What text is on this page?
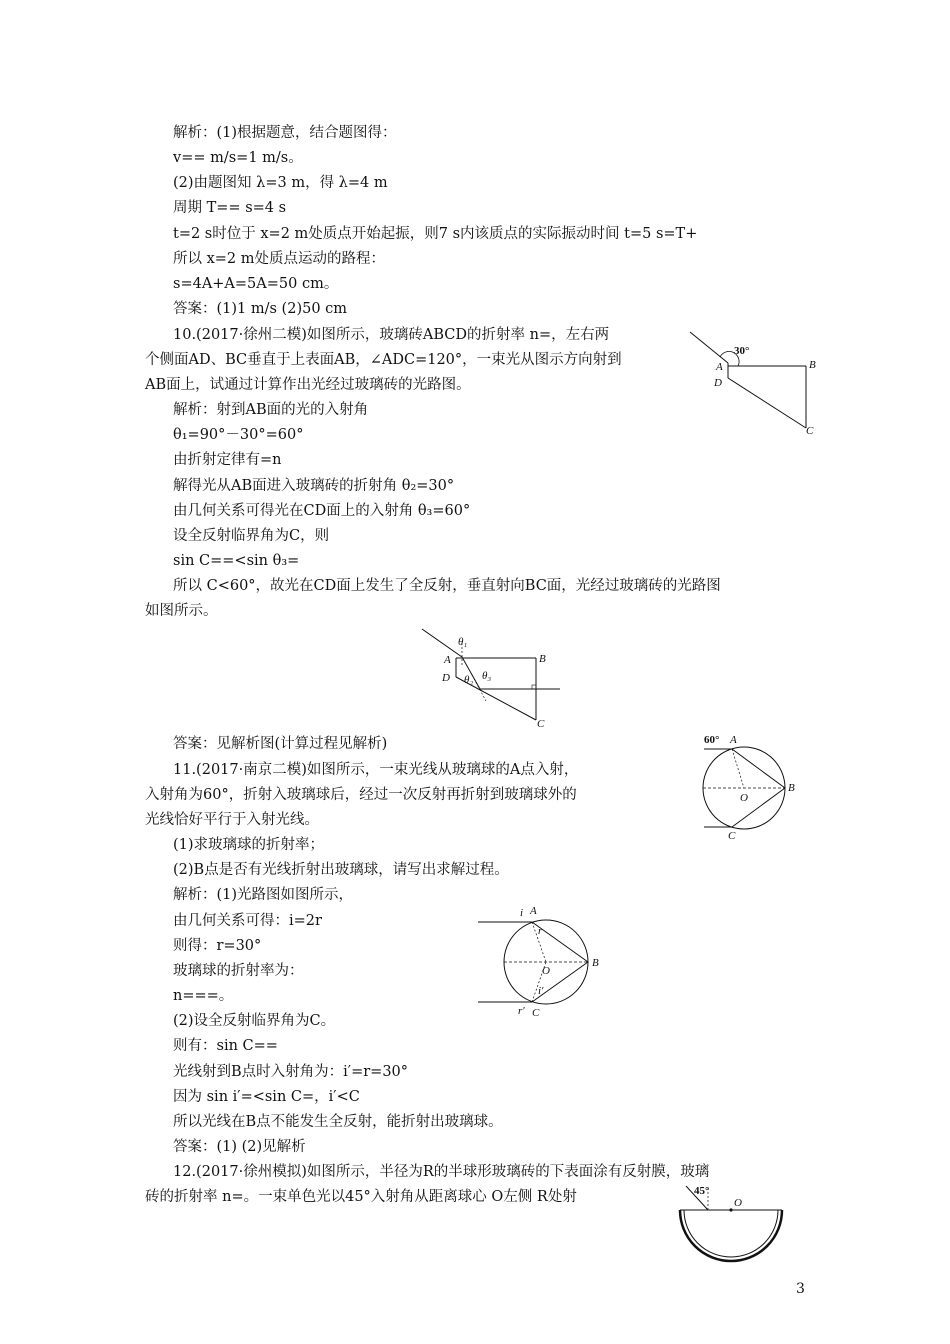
解析：(1)根据题意，结合题图得：
v== m/s=1 m/s。
(2)由题图知 λ=3 m，得 λ=4 m
周期 T== s=4 s
t=2 s时位于 x=2 m处质点开始起振，则7 s内该质点的实际振动时间 t=5 s=T+
所以 x=2 m处质点运动的路程：
s=4A+A=5A=50 cm。
答案：(1)1 m/s (2)50 cm
10.(2017·徐州二模)如图所示，玻璃砖ABCD的折射率 n=，左右两
个侧面AD、BC垂直于上表面AB，∠ADC=120°，一束光从图示方向射到
AB面上，试通过计算作出光经过玻璃砖的光路图。
解析：射到AB面的光的入射角
θ₁=90°－30°=60°
由折射定律有=n
解得光从AB面进入玻璃砖的折射角 θ₂=30°
由几何关系可得光在CD面上的入射角 θ₃=60°
设全反射临界角为C，则
sin C==<sin θ₃=
所以 C<60°，故光在CD面上发生了全反射，垂直射向BC面，光经过玻璃砖的光路图
如图所示。
30°
A
D
B
C
θ₁
θ₂ θ₃
A
D
B
C
答案：见解析图(计算过程见解析)
11.(2017·南京二模)如图所示，一束光线从玻璃球的A点入射，
入射角为60°，折射入玻璃球后，经过一次反射再折射到玻璃球外的
光线恰好平行于入射光线。
(1)求玻璃球的折射率；
(2)B点是否有光线折射出玻璃球，请写出求解过程。
解析：(1)光路图如图所示，
由几何关系可得：i=2r
则得：r=30°
玻璃球的折射率为：
n===。
(2)设全反射临界角为C。
则有：sin C==
光线射到B点时入射角为：i′=r=30°
因为 sin i′=<sin C=，i′<C
所以光线在B点不能发生全反射，能折射出玻璃球。
答案：(1) (2)见解析
60° A
B
C
O
A
B
C
O
i
r
i′
r′
12.(2017·徐州模拟)如图所示，半径为R的半球形玻璃砖的下表面涂有反射膜，玻璃
砖的折射率 n=。一束单色光以45°入射角从距离球心 O左侧 R处射	45°
O
3
